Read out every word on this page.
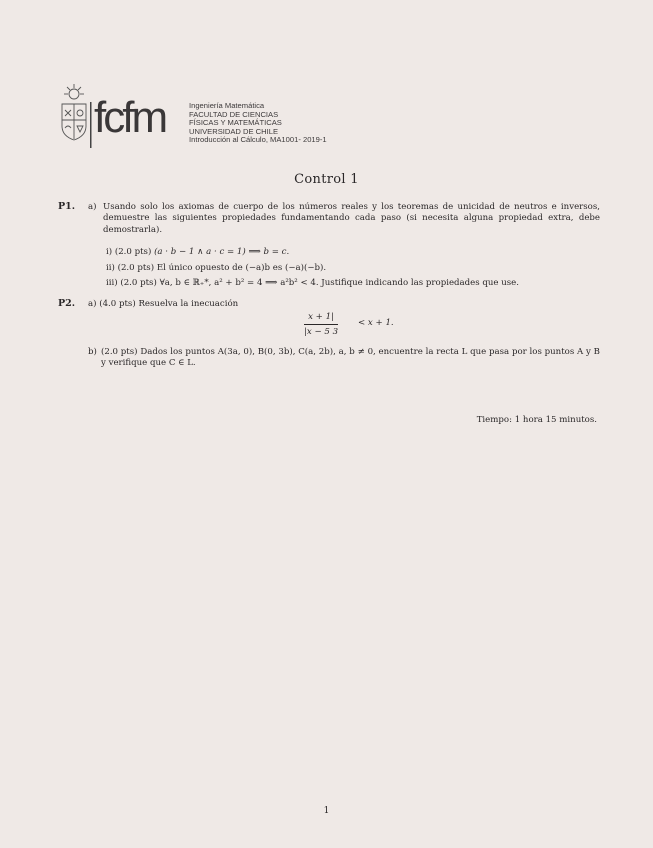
fcfm	Ingeniería Matemática
FACULTAD DE CIENCIAS
FÍSICAS Y MATEMÁTICAS
UNIVERSIDAD DE CHILE
Introducción al Cálculo, MA1001- 2019-1
Control 1
P1. a) Usando solo los axiomas de cuerpo de los números reales y los teoremas de unicidad de neutros e inversos, demuestre las siguientes propiedades fundamentando cada paso (si necesita alguna propiedad extra, debe demostrarla).
i) (2.0 pts) (a · b − 1 ∧ a · c = 1) ⟹ b = c.
ii) (2.0 pts) El único opuesto de (−a)b es (−a)(−b).
iii) (2.0 pts) ∀a, b ∈ ℝ₊*, a² + b² = 4 ⟹ a²b² < 4. Justifique indicando las propiedades que use.
P2. a) (4.0 pts) Resuelva la inecuación
$\frac{x + 1|}{|x - 5 3} < x + 1$.
b) (2.0 pts) Dados los puntos A(3a, 0), B(0, 3b), C(a, 2b), a, b ≠ 0, encuentre la recta L que pasa por los puntos A y B y verifique que C ∈ L.
Tiempo: 1 hora 15 minutos.
1
